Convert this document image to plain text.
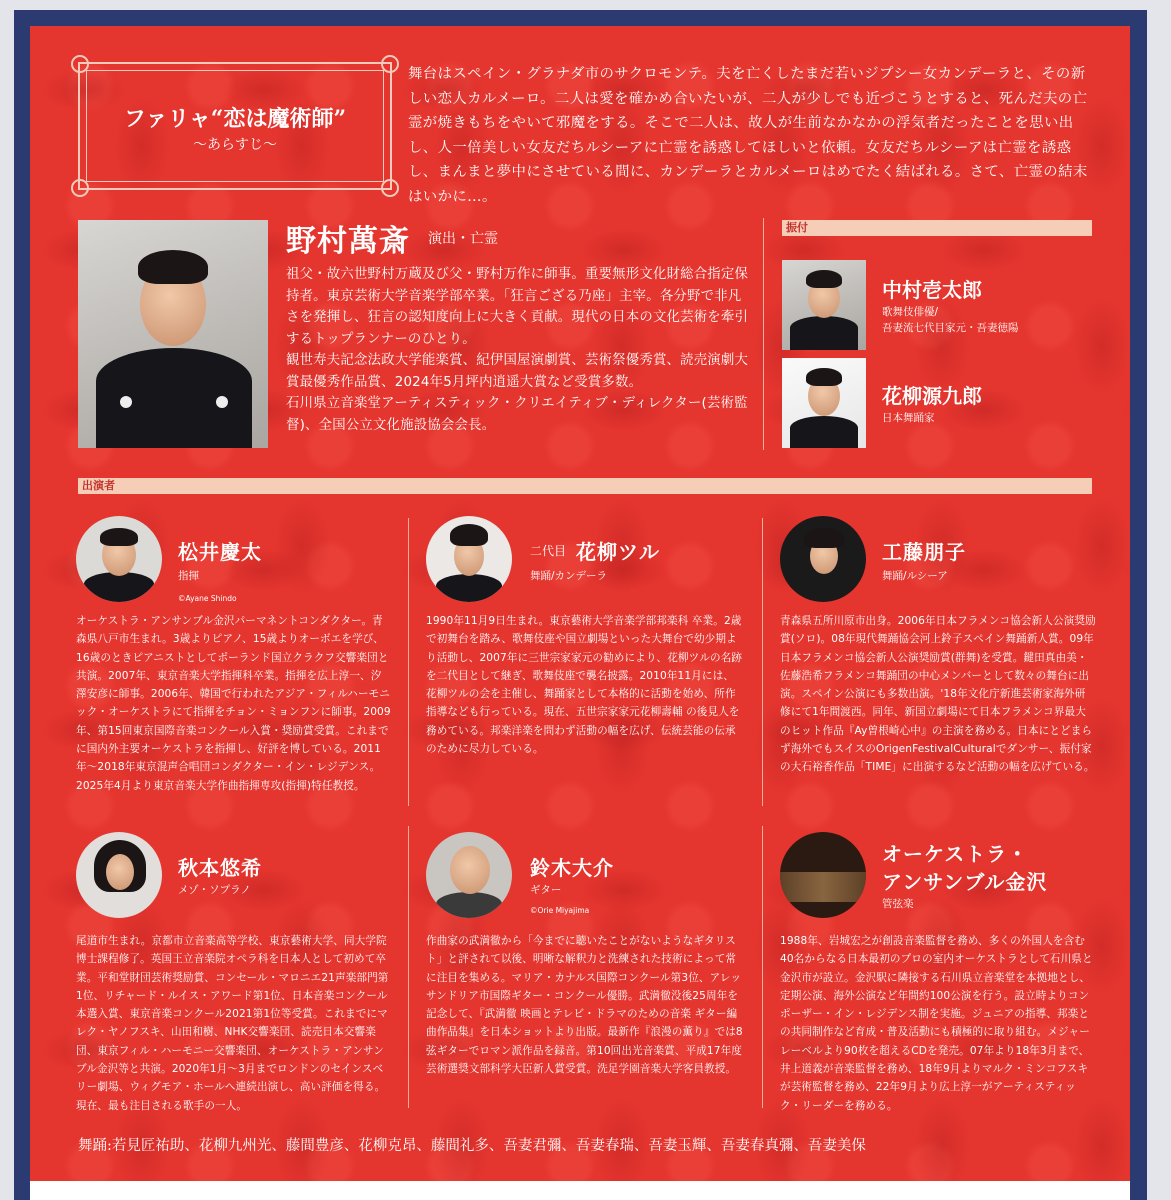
ファリャ“恋は魔術師”
〜あらすじ〜
舞台はスペイン・グラナダ市のサクロモンテ。夫を亡くしたまだ若いジプシー女カンデーラと、その新しい恋人カルメーロ。二人は愛を確かめ合いたいが、二人が少しでも近づこうとすると、死んだ夫の亡霊が焼きもちをやいて邪魔をする。そこで二人は、故人が生前なかなかの浮気者だったことを思い出し、人一倍美しい女友だちルシーアに亡霊を誘惑してほしいと依頼。女友だちルシーアは亡霊を誘惑し、まんまと夢中にさせている間に、カンデーラとカルメーロはめでたく結ばれる。さて、亡霊の結末はいかに…。
野村萬斎 演出・亡霊
祖父・故六世野村万蔵及び父・野村万作に師事。重要無形文化財総合指定保持者。東京芸術大学音楽学部卒業。「狂言ござる乃座」主宰。各分野で非凡さを発揮し、狂言の認知度向上に大きく貢献。現代の日本の文化芸術を牽引するトップランナーのひとり。
観世寿夫記念法政大学能楽賞、紀伊国屋演劇賞、芸術祭優秀賞、読売演劇大賞最優秀作品賞、2024年5月坪内逍遥大賞など受賞多数。
石川県立音楽堂アーティスティック・クリエイティブ・ディレクター(芸術監督)、全国公立文化施設協会会長。
振付
中村壱太郎
歌舞伎俳優/
吾妻流七代目家元・吾妻徳陽
花柳源九郎
日本舞踊家
出演者
松井慶太
指揮
©Ayane Shindo
オーケストラ・アンサンブル金沢パーマネントコンダクター。青森県八戸市生まれ。3歳よりピアノ、15歳よりオーボエを学び、16歳のときピアニストとしてポーランド国立クラクフ交響楽団と共演。2007年、東京音楽大学指揮科卒業。指揮を広上淳一、汐澤安彦に師事。2006年、韓国で行われたアジア・フィルハーモニック・オーケストラにて指揮をチョン・ミョンフンに師事。2009年、第15回東京国際音楽コンクール入賞・奨励賞受賞。これまでに国内外主要オーケストラを指揮し、好評を博している。2011年〜2018年東京混声合唱団コンダクター・イン・レジデンス。2025年4月より東京音楽大学作曲指揮専攻(指揮)特任教授。
二代目 花柳ツル
舞踊/カンデーラ
1990年11月9日生まれ。東京藝術大学音楽学部邦楽科 卒業。2歳で初舞台を踏み、歌舞伎座や国立劇場といった大舞台で幼少期より活動し、2007年に三世宗家家元の勧めにより、花柳ツルの名跡を二代目として継ぎ、歌舞伎座で襲名披露。2010年11月には、花柳ツルの会を主催し、舞踊家として本格的に活動を始め、所作指導なども行っている。現在、五世宗家家元花柳壽輔 の後見人を務めている。邦楽洋楽を問わず活動の幅を広げ、伝統芸能の伝承のために尽力している。
工藤朋子
舞踊/ルシーア
青森県五所川原市出身。2006年日本フラメンコ協会新人公演奨励賞(ソロ)。08年現代舞踊協会河上鈴子スペイン舞踊新人賞。09年日本フラメンコ協会新人公演奨励賞(群舞)を受賞。鍵田真由美・佐藤浩希フラメンコ舞踊団の中心メンバーとして数々の舞台に出演。スペイン公演にも多数出演。'18年文化庁新進芸術家海外研修にて1年間渡西。同年、新国立劇場にて日本フラメンコ界最大のヒット作品『Ay曽根崎心中』の主演を務める。日本にとどまらず海外でもスイスのOrigenFestivalCulturalでダンサー、振付家の大石裕香作品「TIME」に出演するなど活動の幅を広げている。
秋本悠希
メゾ・ソプラノ
尾道市生まれ。京都市立音楽高等学校、東京藝術大学、同大学院博士課程修了。英国王立音楽院オペラ科を日本人として初めて卒業。平和堂財団芸術奨励賞、コンセール・マロニエ21声楽部門第1位、リチャード・ルイス・アワード第1位、日本音楽コンクール本選入賞、東京音楽コンクール2021第1位等受賞。これまでにマレク・ヤノフスキ、山田和樹、NHK交響楽団、読売日本交響楽団、東京フィル・ハーモニー交響楽団、オーケストラ・アンサンブル金沢等と共演。2020年1月〜3月までロンドンのセインスベリー劇場、ウィグモア・ホールへ連続出演し、高い評価を得る。現在、最も注目される歌手の一人。
鈴木大介
ギター
©Orie Miyajima
作曲家の武満徹から「今までに聴いたことがないようなギタリスト」と評されて以後、明晰な解釈力と洗練された技術によって常に注目を集める。マリア・カナルス国際コンクール第3位、アレッサンドリア市国際ギター・コンクール優勝。武満徹没後25周年を記念して、『武満徹 映画とテレビ・ドラマのための音楽 ギター編曲作品集』を日本ショットより出版。最新作『浪漫の薫り』では8弦ギターでロマン派作品を録音。第10回出光音楽賞、平成17年度芸術選奨文部科学大臣新人賞受賞。洗足学園音楽大学客員教授。
オーケストラ・
アンサンブル金沢
管弦楽
1988年、岩城宏之が創設音楽監督を務め、多くの外国人を含む40名からなる日本最初のプロの室内オーケストラとして石川県と金沢市が設立。金沢駅に隣接する石川県立音楽堂を本拠地とし、定期公演、海外公演など年間約100公演を行う。設立時よりコンポーザー・イン・レジデンス制を実施。ジュニアの指導、邦楽との共同制作など育成・普及活動にも積極的に取り組む。メジャーレーベルより90枚を超えるCDを発売。07年より18年3月まで、井上道義が音楽監督を務め、18年9月よりマルク・ミンコフスキが芸術監督を務め、22年9月より広上淳一がアーティスティック・リーダーを務める。
舞踊:若見匠祐助、花柳九州光、藤間豊彦、花柳克昂、藤間礼多、吾妻君彌、吾妻春瑞、吾妻玉輝、吾妻春真彌、吾妻美保
